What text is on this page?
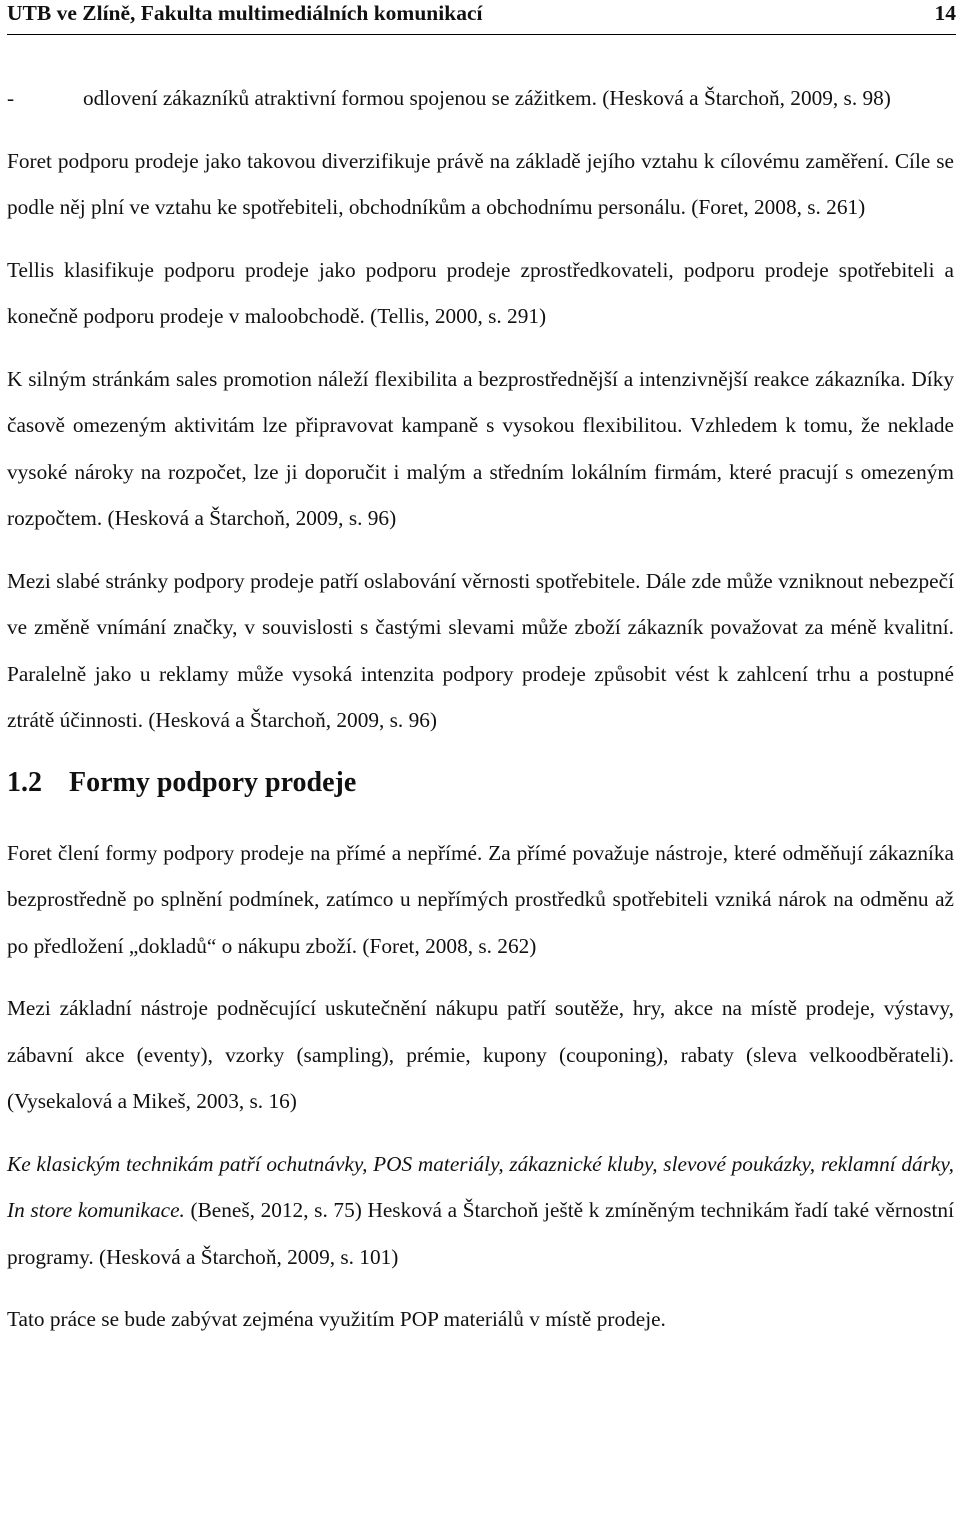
UTB ve Zlíně, Fakulta multimediálních komunikací	14
-	odlovení zákazníků atraktivní formou spojenou se zážitkem. (Hesková a Štarchoň, 2009, s. 98)

Foret podporu prodeje jako takovou diverzifikuje právě na základě jejího vztahu k cílovému zaměření. Cíle se podle něj plní ve vztahu ke spotřebiteli, obchodníkům a obchodnímu personálu. (Foret, 2008, s. 261)

Tellis klasifikuje podporu prodeje jako podporu prodeje zprostředkovateli, podporu prodeje spotřebiteli a konečně podporu prodeje v maloobchodě. (Tellis, 2000, s. 291)

K silným stránkám sales promotion náleží flexibilita a bezprostřednější a intenzivnější reakce zákazníka. Díky časově omezeným aktivitám lze připravovat kampaně s vysokou flexibilitou. Vzhledem k tomu, že neklade vysoké nároky na rozpočet, lze ji doporučit i malým a středním lokálním firmám, které pracují s omezeným rozpočtem. (Hesková a Štarchoň, 2009, s. 96)

Mezi slabé stránky podpory prodeje patří oslabování věrnosti spotřebitele. Dále zde může vzniknout nebezpečí ve změně vnímání značky, v souvislosti s častými slevami může zboží zákazník považovat za méně kvalitní. Paralelně jako u reklamy může vysoká intenzita podpory prodeje způsobit vést k zahlcení trhu a postupné ztrátě účinnosti. (Hesková a Štarchoň, 2009, s. 96)

1.2 Formy podpory prodeje

Foret člení formy podpory prodeje na přímé a nepřímé. Za přímé považuje nástroje, které odměňují zákazníka bezprostředně po splnění podmínek, zatímco u nepřímých prostředků spotřebiteli vzniká nárok na odměnu až po předložení „dokladů“ o nákupu zboží. (Foret, 2008, s. 262)

Mezi základní nástroje podněcující uskutečnění nákupu patří soutěže, hry, akce na místě prodeje, výstavy, zábavní akce (eventy), vzorky (sampling), prémie, kupony (couponing), rabaty (sleva velkoodběrateli). (Vysekalová a Mikeš, 2003, s. 16)

Ke klasickým technikám patří ochutnávky, POS materiály, zákaznické kluby, slevové poukázky, reklamní dárky, In store komunikace. (Beneš, 2012, s. 75) Hesková a Štarchoň ještě k zmíněným technikám řadí také věrnostní programy. (Hesková a Štarchoň, 2009, s. 101)

Tato práce se bude zabývat zejména využitím POP materiálů v místě prodeje.
